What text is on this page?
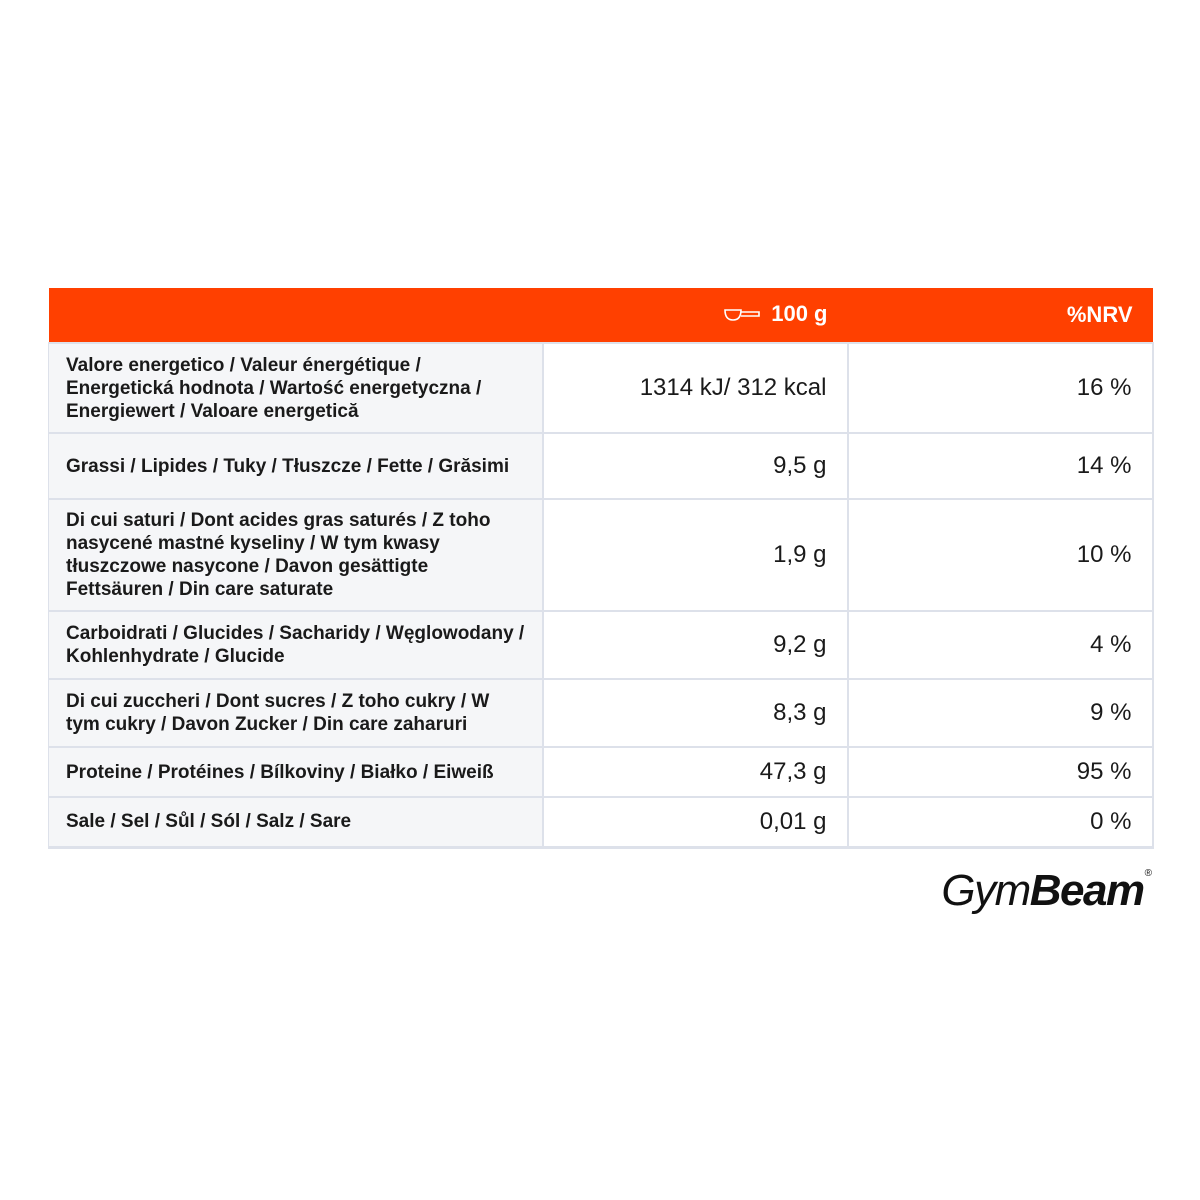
	100 g	%NRV
Valore energetico / Valeur énergétique / Energetická hodnota / Wartość energetyczna / Energiewert / Valoare energetică	1314 kJ/ 312 kcal	16 %
Grassi / Lipides / Tuky / Tłuszcze / Fette / Grăsimi	9,5 g	14 %
Di cui saturi / Dont acides gras saturés / Z toho nasycené mastné kyseliny / W tym kwasy tłuszczowe nasycone / Davon gesättigte Fettsäuren / Din care saturate	1,9 g	10 %
Carboidrati / Glucides / Sacharidy / Węglowodany / Kohlenhydrate / Glucide	9,2 g	4 %
Di cui zuccheri / Dont sucres / Z toho cukry / W tym cukry / Davon Zucker / Din care zaharuri	8,3 g	9 %
Proteine / Protéines / Bílkoviny / Białko / Eiweiß	47,3 g	95 %
Sale / Sel / Sůl / Sól / Salz / Sare	0,01 g	0 %
Gym Beam ®
